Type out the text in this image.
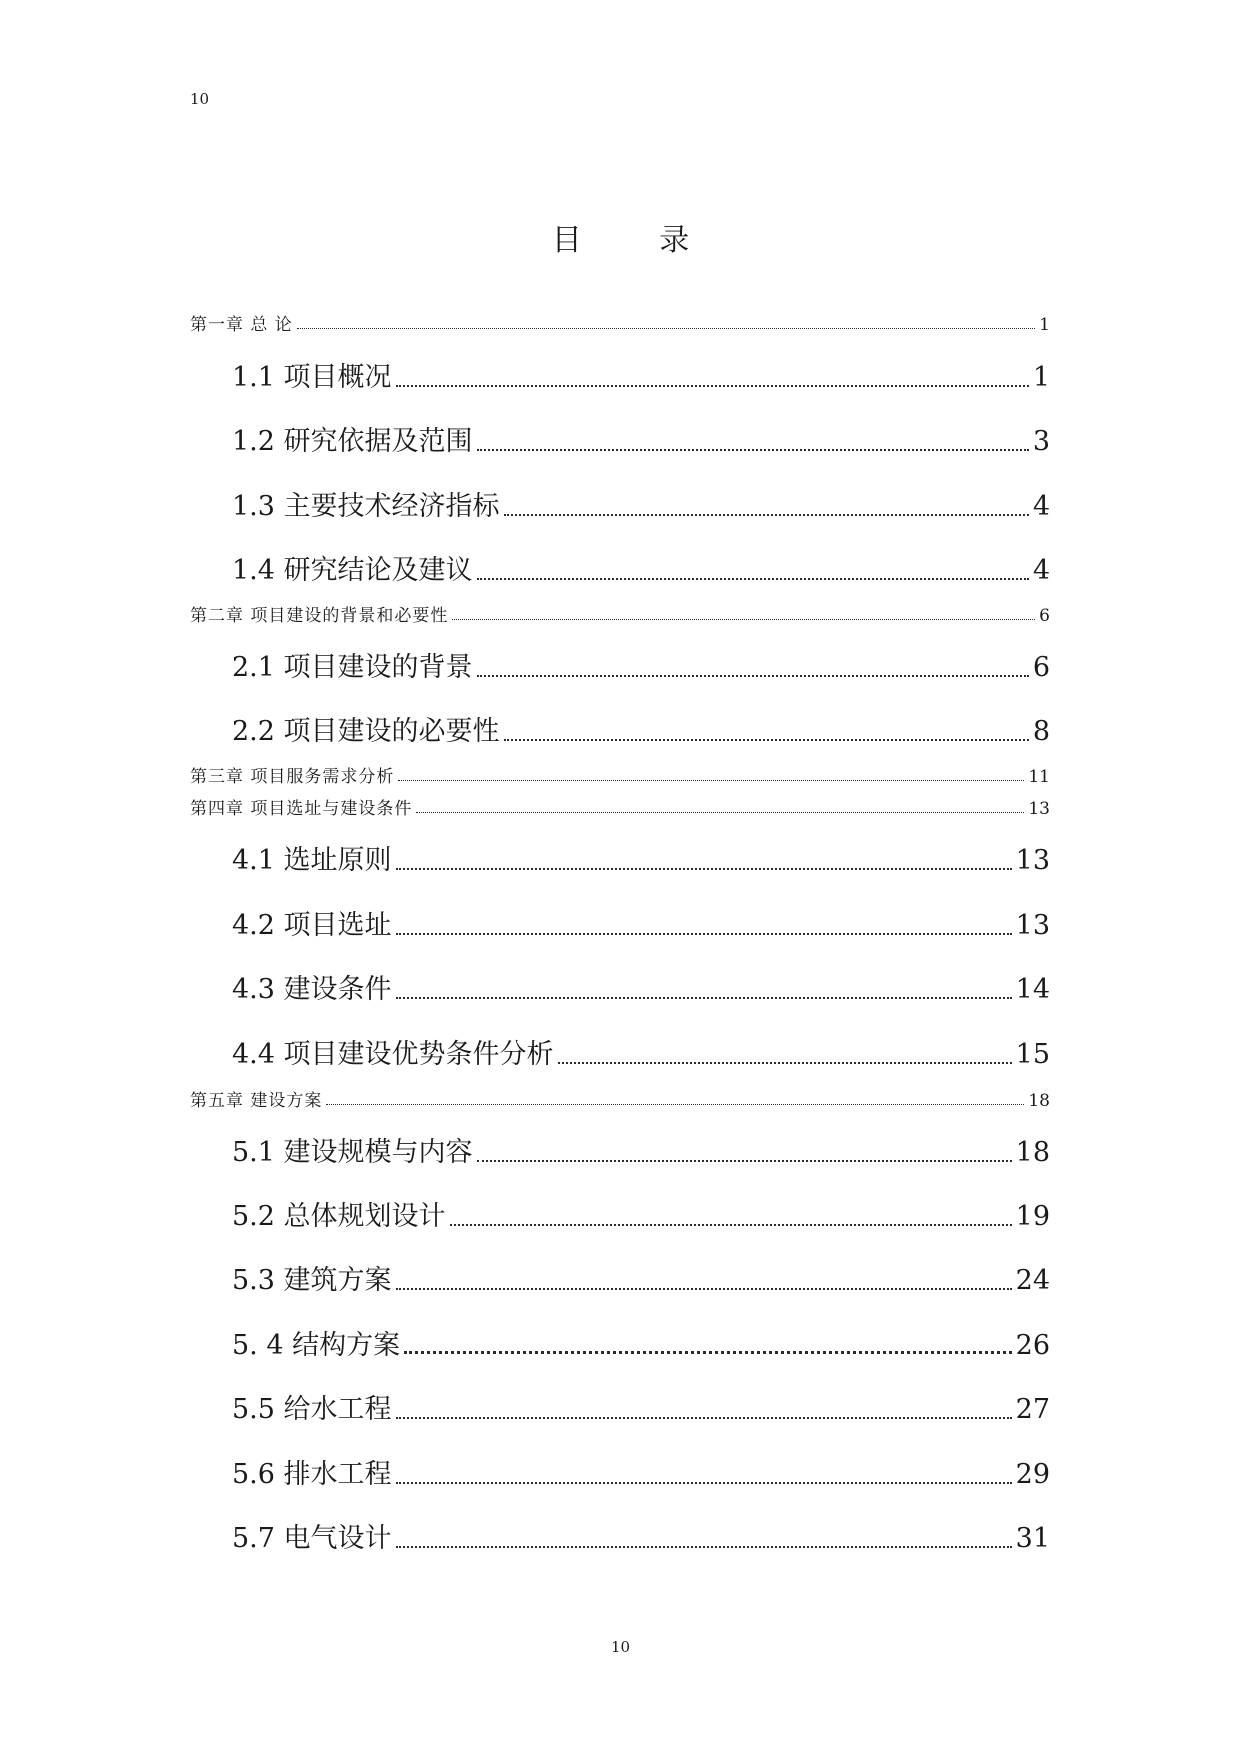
10
目 录
第一章 总 论	1
1.1 项目概况	1
1.2 研究依据及范围	3
1.3 主要技术经济指标	4
1.4 研究结论及建议	4
第二章 项目建设的背景和必要性	6
2.1 项目建设的背景	6
2.2 项目建设的必要性	8
第三章 项目服务需求分析	11
第四章 项目选址与建设条件	13
4.1 选址原则	13
4.2 项目选址	13
4.3 建设条件	14
4.4 项目建设优势条件分析	15
第五章 建设方案	18
5.1 建设规模与内容	18
5.2 总体规划设计	19
5.3 建筑方案	24
5. 4 结构方案	26
5.5 给水工程	27
5.6 排水工程	29
5.7 电气设计	31
10
